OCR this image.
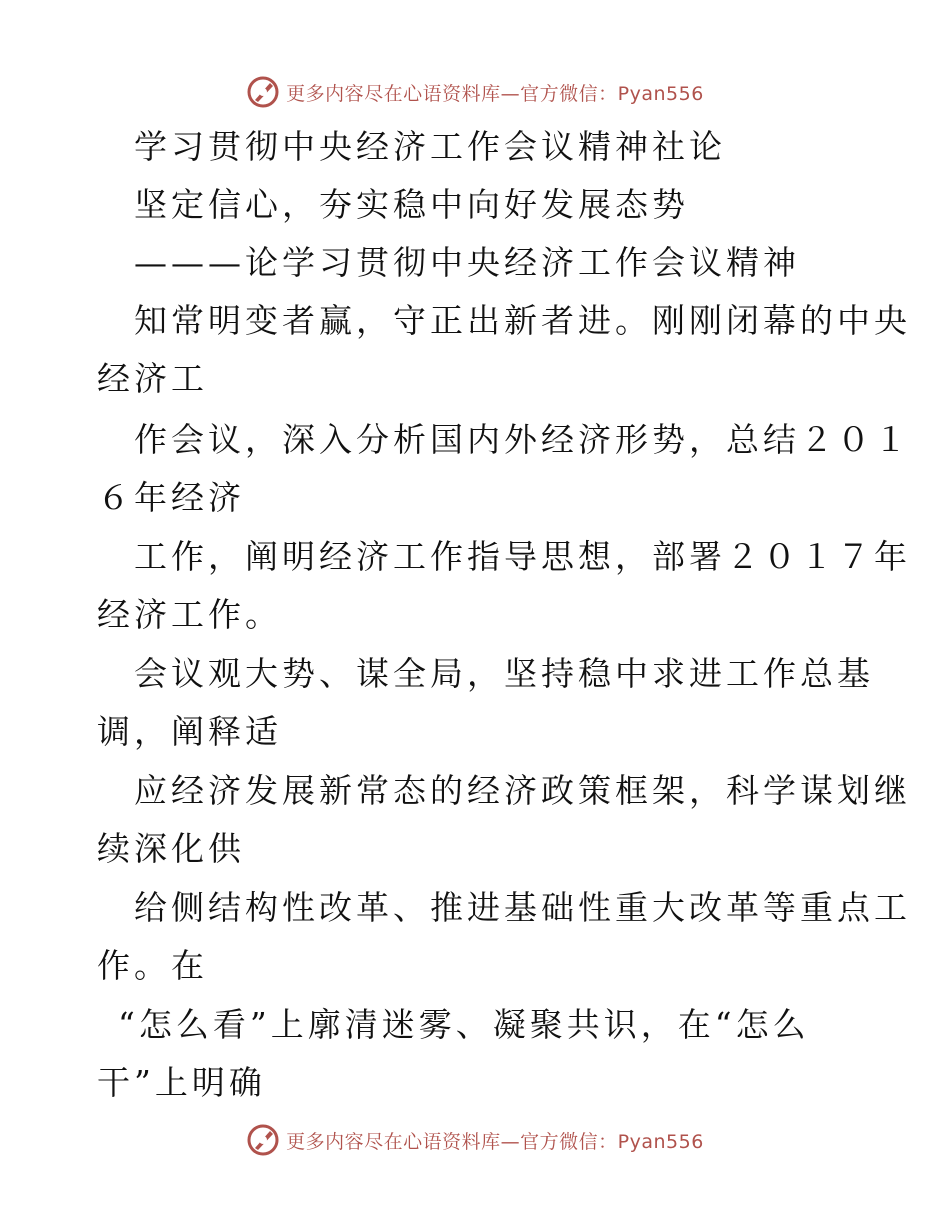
更多内容尽在心语资料库—官方微信：Pyan556
学习贯彻中央经济工作会议精神社论
坚定信心，夯实稳中向好发展态势
———论学习贯彻中央经济工作会议精神
知常明变者赢，守正出新者进。刚刚闭幕的中央
经济工
作会议，深入分析国内外经济形势，总结２０１
６年经济
工作，阐明经济工作指导思想，部署２０１７年
经济工作。
会议观大势、谋全局，坚持稳中求进工作总基
调，阐释适
应经济发展新常态的经济政策框架，科学谋划继
续深化供
给侧结构性改革、推进基础性重大改革等重点工
作。在
“怎么看”上廓清迷雾、凝聚共识，在“怎么
干”上明确
更多内容尽在心语资料库—官方微信：Pyan556
